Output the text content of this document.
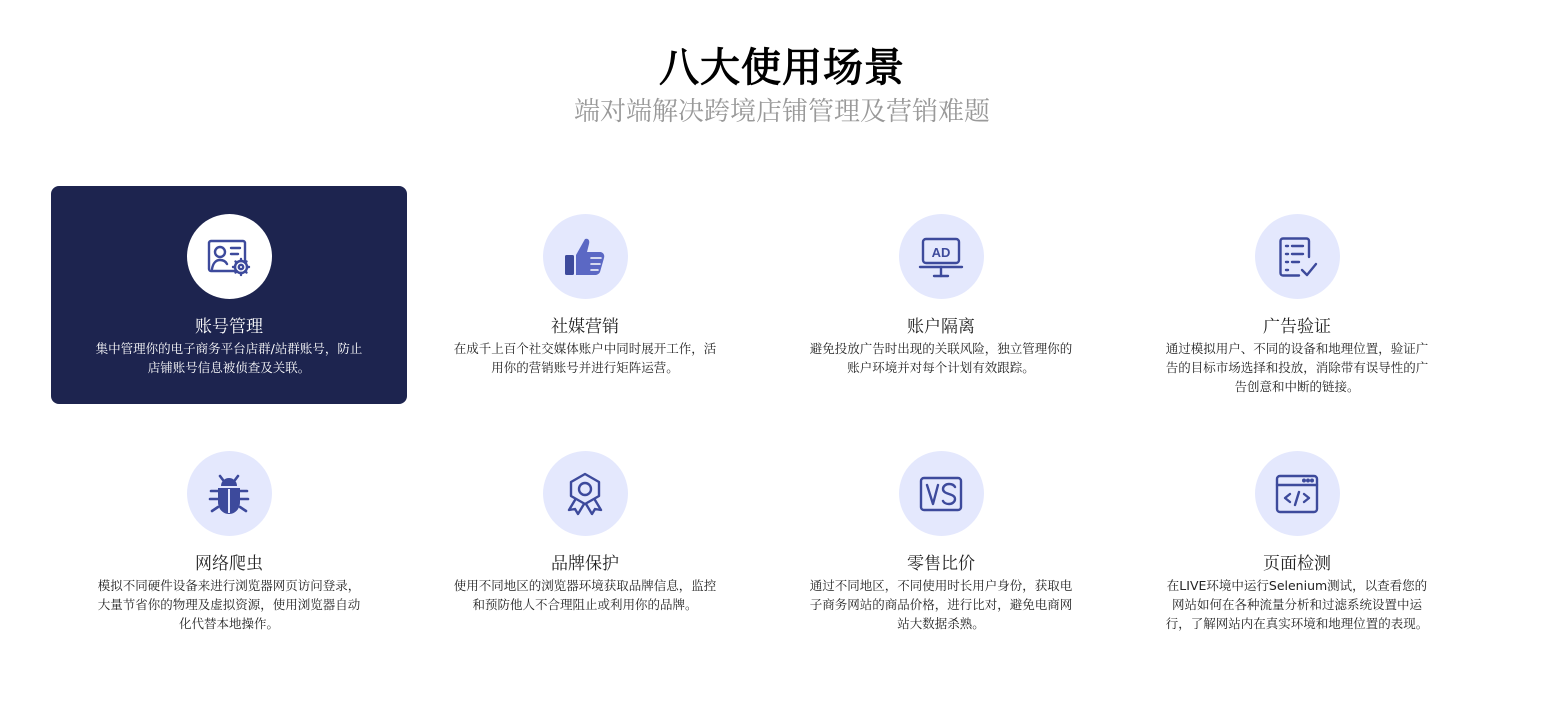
八大使用场景
端对端解决跨境店铺管理及营销难题
账号管理
集中管理你的电子商务平台店群/站群账号，防止店铺账号信息被侦查及关联。
社媒营销
在成千上百个社交媒体账户中同时展开工作，活用你的营销账号并进行矩阵运营。
AD
账户隔离
避免投放广告时出现的关联风险，独立管理你的账户环境并对每个计划有效跟踪。
广告验证
通过模拟用户、不同的设备和地理位置，验证广告的目标市场选择和投放，消除带有误导性的广告创意和中断的链接。
网络爬虫
模拟不同硬件设备来进行浏览器网页访问登录，大量节省你的物理及虚拟资源，使用浏览器自动化代替本地操作。
品牌保护
使用不同地区的浏览器环境获取品牌信息，监控和预防他人不合理阻止或利用你的品牌。
零售比价
通过不同地区，不同使用时长用户身份，获取电子商务网站的商品价格，进行比对，避免电商网站大数据杀熟。
页面检测
在LIVE环境中运行Selenium测试，以查看您的网站如何在各种流量分析和过滤系统设置中运行，了解网站内在真实环境和地理位置的表现。
